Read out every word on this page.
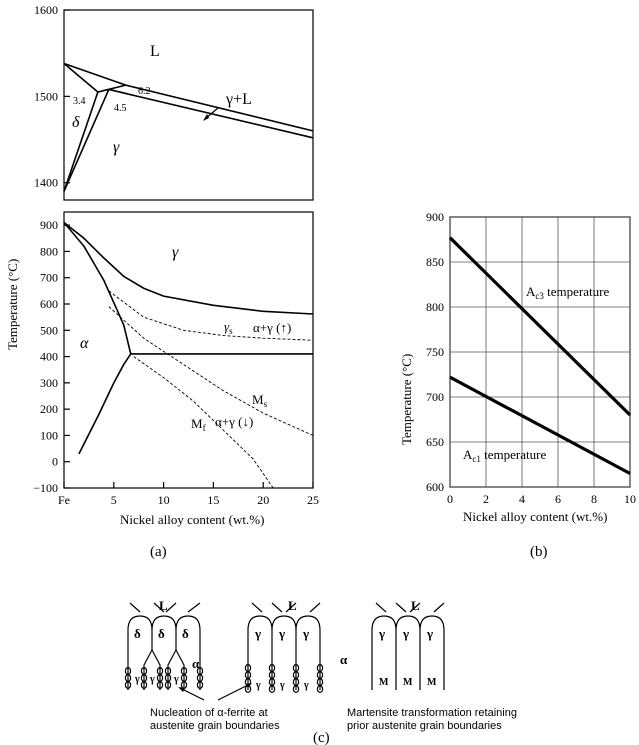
1400
1500
1600
L
γ+L
δ
γ
3.4
4.5
6.2
900
800
700
600
500
400
300
200
100
0
−100
Fe	5	10	15	20	25
γ
α
$\gamma_s$ α+γ (↑)
$M_s$
$M_f$ α+γ (↓)
Temperature (°C)
Nickel alloy content (wt.%)
(a)
0	2	4	6	8 10
900
850
800
750
700
650
600
$A_{c3}$ temperature
$A_{c1}$ temperature
Temperature (°C)
Nickel alloy content (wt.%)
(b)
L
δ δ δ
γ γ γ
α
L
γ γ γ
γ γ γ
α
L
γ γ γ
M M M
Nucleation of α-ferrite at
austenite grain boundaries
Martensite transformation retaining
prior austenite grain boundaries
(c)
